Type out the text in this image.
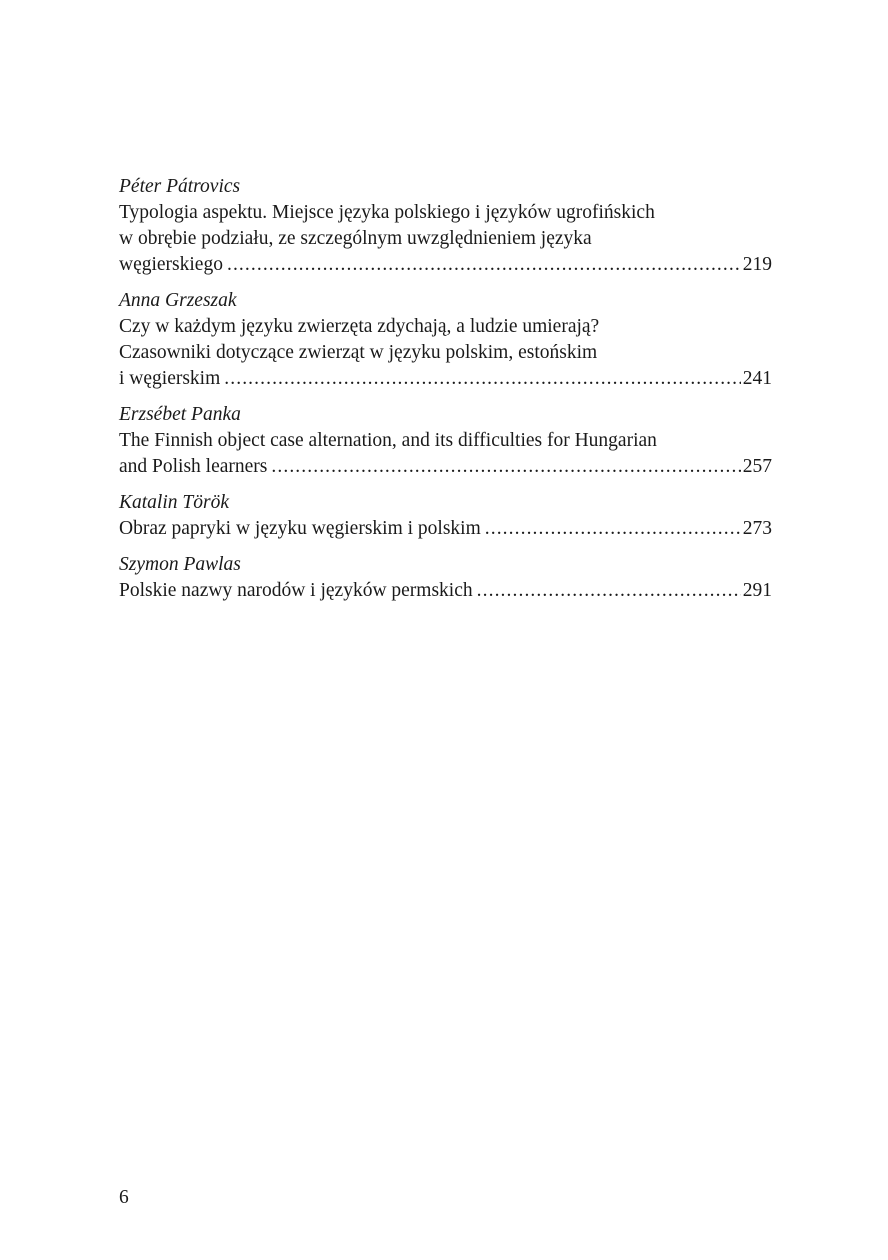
Péter Pátrovics
Typologia aspektu. Miejsce języka polskiego i języków ugrofińskich
w obrębie podziału, ze szczególnym uwzględnieniem języka
węgierskiego .....	219
Anna Grzeszak
Czy w każdym języku zwierzęta zdychają, a ludzie umierają?
Czasowniki dotyczące zwierząt w języku polskim, estońskim
i węgierskim .....	241
Erzsébet Panka
The Finnish object case alternation, and its difficulties for Hungarian
and Polish learners .....	257
Katalin Török
Obraz papryki w języku węgierskim i polskim .....	273
Szymon Pawlas
Polskie nazwy narodów i języków permskich .....	291
6
